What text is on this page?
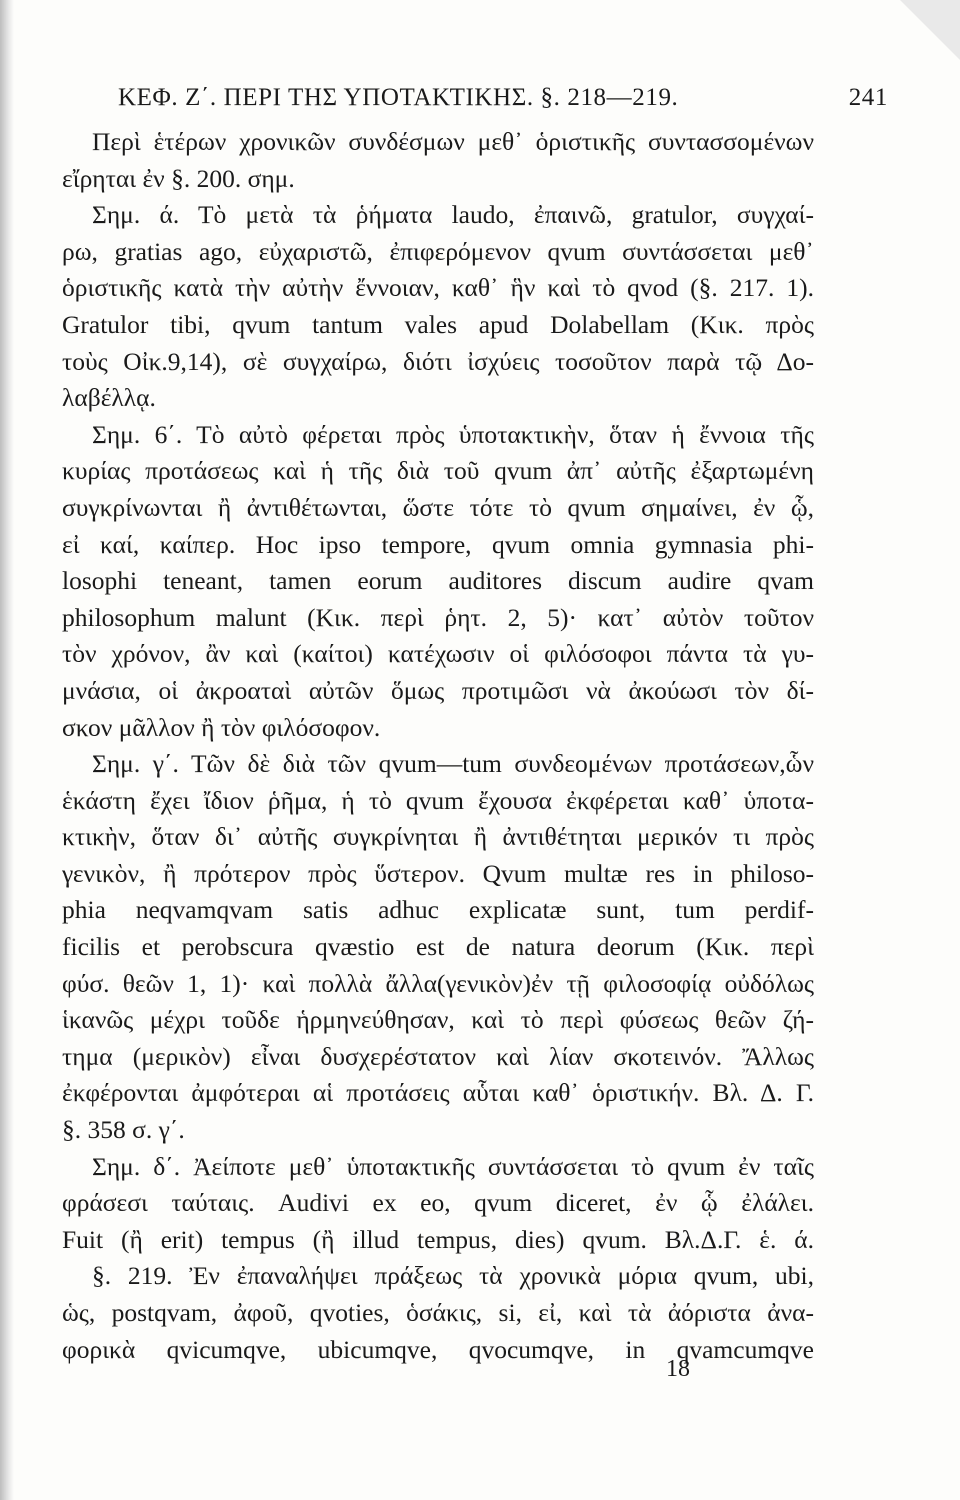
ΚΕΦ. Ζ΄. ΠΕΡΙ ΤΗΣ ΥΠΟΤΑΚΤΙΚΗΣ. §. 218—219.	241
Περὶ ἑτέρων χρονικῶν συνδέσμων μεθ᾿ ὁριστικῆς συντασσομένων
εἴρηται ἐν §. 200. σημ.
Σημ. ά. Τὸ μετὰ τὰ ῥήματα laudo, ἐπαινῶ, gratulor, συγχαί-
ρω, gratias ago, εὐχαριστῶ, ἐπιφερόμενον qvum συντάσσεται μεθ᾿
ὁριστικῆς κατὰ τὴν αὐτὴν ἔννοιαν, καθ᾿ ἣν καὶ τὸ qvod (§. 217. 1).
Gratulor tibi, qvum tantum vales apud Dolabellam (Κικ. πρὸς
τοὺς Οἰκ.9,14), σὲ συγχαίρω, διότι ἰσχύεις τοσοῦτον παρὰ τῷ Δο-
λαβέλλᾳ.
Σημ. 6΄. Τὸ αὐτὸ φέρεται πρὸς ὑποτακτικὴν, ὅταν ἡ ἔννοια τῆς
κυρίας προτάσεως καὶ ἡ τῆς διὰ τοῦ qvum ἀπ᾿ αὐτῆς ἐξαρτωμένη
συγκρίνωνται ἢ ἀντιθέτωνται, ὥστε τότε τὸ qvum σημαίνει, ἐν ᾧ,
εἰ καί, καίπερ. Hoc ipso tempore, qvum omnia gymnasia phi-
losophi teneant, tamen eorum auditores discum audire qvam
philosophum malunt (Κικ. περὶ ῥητ. 2, 5)· κατ᾿ αὐτὸν τοῦτον
τὸν χρόνον, ἂν καὶ (καίτοι) κατέχωσιν οἱ φιλόσοφοι πάντα τὰ γυ-
μνάσια, οἱ ἀκροαταὶ αὐτῶν ὅμως προτιμῶσι νὰ ἀκούωσι τὸν δί-
σκον μᾶλλον ἢ τὸν φιλόσοφον.
Σημ. γ΄. Τῶν δὲ διὰ τῶν qvum—tum συνδεομένων προτάσεων,ὧν
ἑκάστη ἔχει ἴδιον ῥῆμα, ἡ τὸ qvum ἔχουσα ἐκφέρεται καθ᾿ ὑποτα-
κτικὴν, ὅταν δι᾿ αὐτῆς συγκρίνηται ἢ ἀντιθέτηται μερικόν τι πρὸς
γενικὸν, ἢ πρότερον πρὸς ὕστερον. Qvum multæ res in philoso-
phia neqvamqvam satis adhuc explicatæ sunt, tum perdif-
ficilis et perobscura qvæstio est de natura deorum (Κικ. περὶ
φύσ. θεῶν 1, 1)· καὶ πολλὰ ἄλλα(γενικὸν)ἐν τῇ φιλοσοφίᾳ οὐδόλως
ἱκανῶς μέχρι τοῦδε ἡρμηνεύθησαν, καὶ τὸ περὶ φύσεως θεῶν ζή-
τημα (μερικὸν) εἶναι δυσχερέστατον καὶ λίαν σκοτεινόν. Ἄλλως
ἐκφέρονται ἀμφότεραι αἱ προτάσεις αὗται καθ᾿ ὁριστικήν. Βλ. Δ. Γ.
§. 358 σ. γ΄.
Σημ. δ΄. Ἀείποτε μεθ᾿ ὑποτακτικῆς συντάσσεται τὸ qvum ἐν ταῖς
φράσεσι ταύταις. Audivi ex eo, qvum diceret, ἐν ᾧ ἐλάλει.
Fuit (ἢ erit) tempus (ἢ illud tempus, dies) qvum. Βλ.Δ.Γ. ἑ. ά.
§. 219. Ἐν ἐπαναλήψει πράξεως τὰ χρονικὰ μόρια qvum, ubi,
ὡς, postqvam, ἀφοῦ, qvoties, ὁσάκις, si, εἰ, καὶ τὰ ἀόριστα ἀνα-
φορικὰ qvicumqve, ubicumqve, qvocumqve, in qvamcumqve
18
